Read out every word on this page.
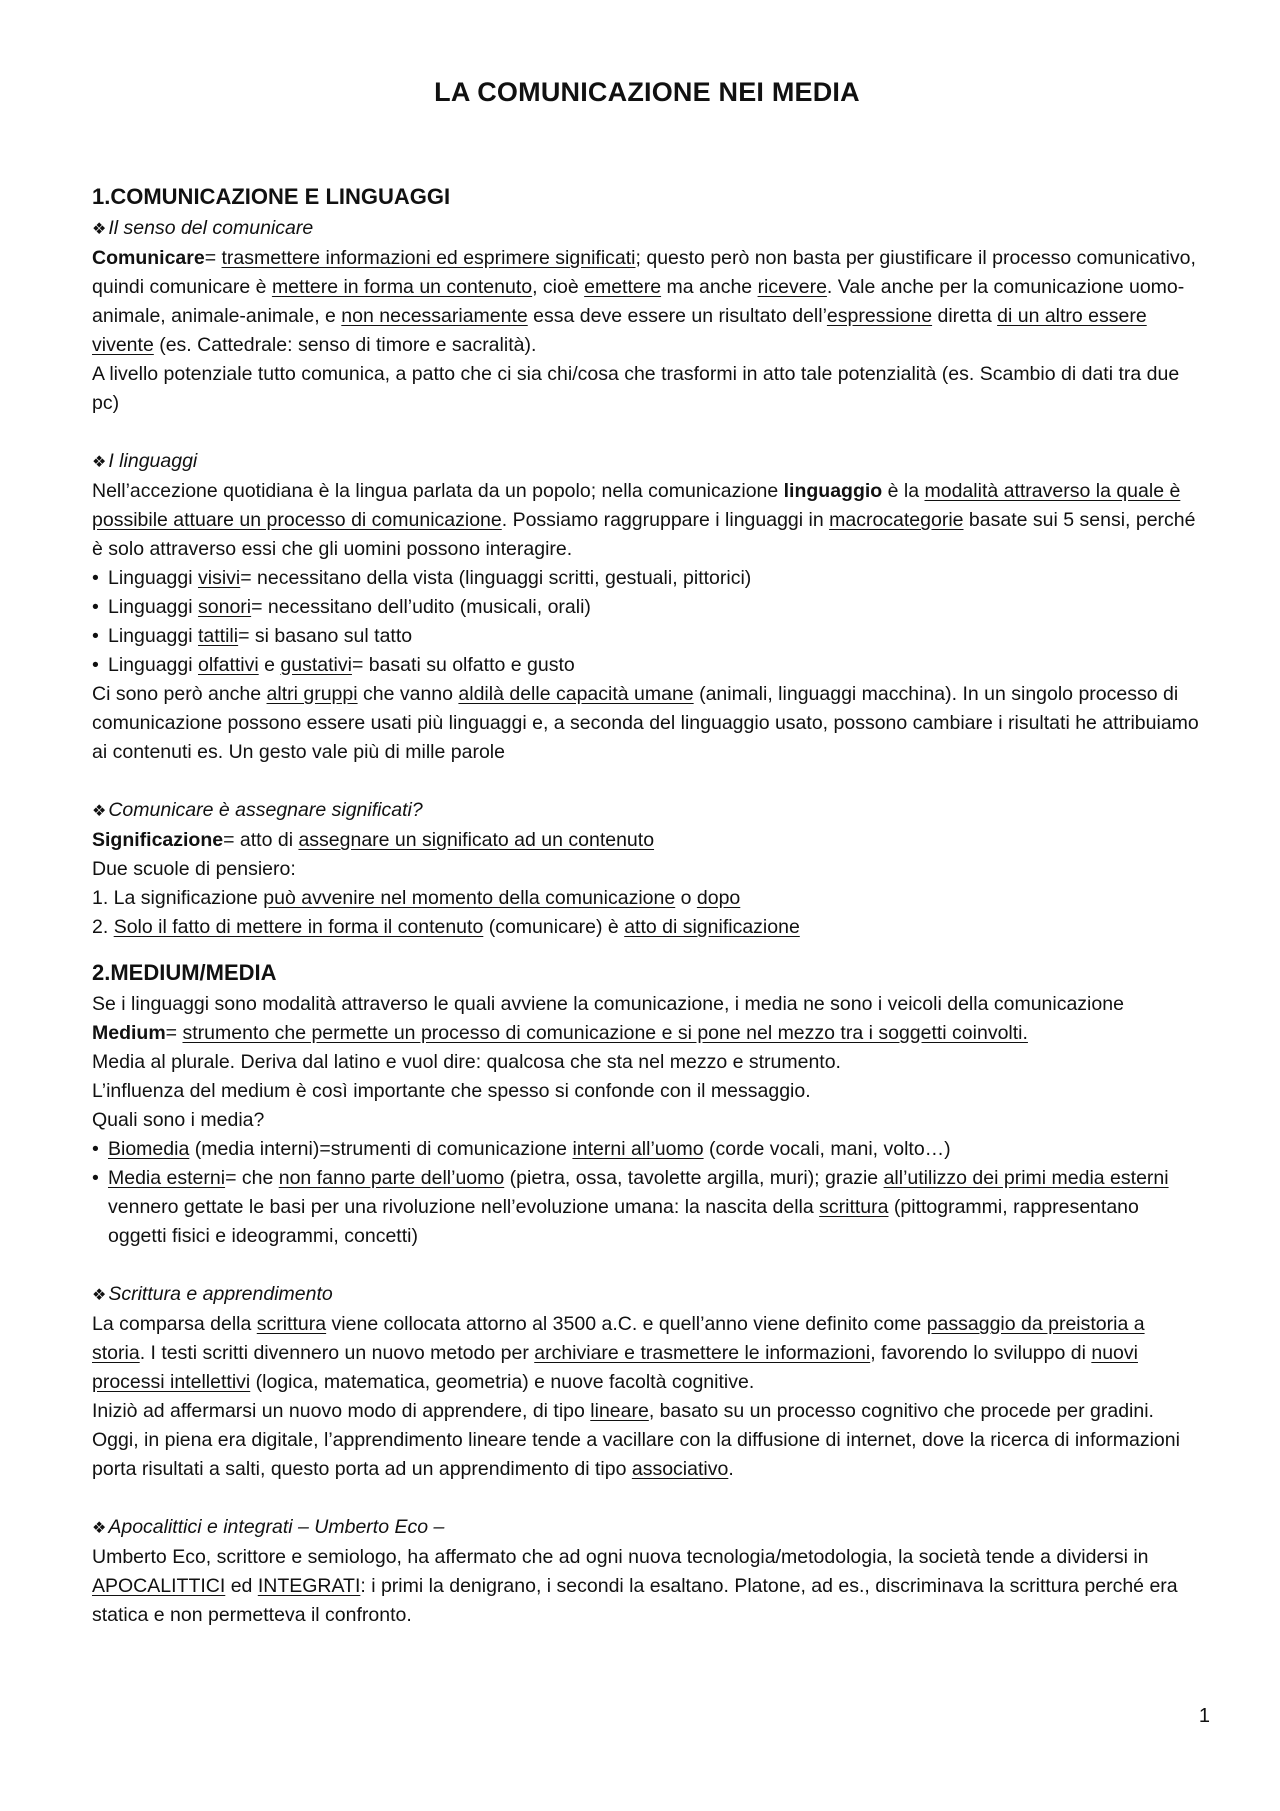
LA COMUNICAZIONE NEI MEDIA
1.COMUNICAZIONE E LINGUAGGI

❖ Il senso del comunicare

Comunicare= trasmettere informazioni ed esprimere significati; questo però non basta per giustificare il processo comunicativo, quindi comunicare è mettere in forma un contenuto, cioè emettere ma anche ricevere. Vale anche per la comunicazione uomo-animale, animale-animale, e non necessariamente essa deve essere un risultato dell’espressione diretta di un altro essere vivente (es. Cattedrale: senso di timore e sacralità).

A livello potenziale tutto comunica, a patto che ci sia chi/cosa che trasformi in atto tale potenzialità (es. Scambio di dati tra due pc)

❖ I linguaggi

Nell’accezione quotidiana è la lingua parlata da un popolo; nella comunicazione linguaggio è la modalità attraverso la quale è possibile attuare un processo di comunicazione. Possiamo raggruppare i linguaggi in macrocategorie basate sui 5 sensi, perché è solo attraverso essi che gli uomini possono interagire.

• Linguaggi visivi= necessitano della vista (linguaggi scritti, gestuali, pittorici)
• Linguaggi sonori= necessitano dell’udito (musicali, orali)
• Linguaggi tattili= si basano sul tatto
• Linguaggi olfattivi e gustativi= basati su olfatto e gusto

Ci sono però anche altri gruppi che vanno aldilà delle capacità umane (animali, linguaggi macchina). In un singolo processo di comunicazione possono essere usati più linguaggi e, a seconda del linguaggio usato, possono cambiare i risultati he attribuiamo ai contenuti es. Un gesto vale più di mille parole

❖ Comunicare è assegnare significati?

Significazione= atto di assegnare un significato ad un contenuto

Due scuole di pensiero:

1. La significazione può avvenire nel momento della comunicazione o dopo

2. Solo il fatto di mettere in forma il contenuto (comunicare) è atto di significazione

2.MEDIUM/MEDIA

Se i linguaggi sono modalità attraverso le quali avviene la comunicazione, i media ne sono i veicoli della comunicazione

Medium= strumento che permette un processo di comunicazione e si pone nel mezzo tra i soggetti coinvolti.

Media al plurale. Deriva dal latino e vuol dire: qualcosa che sta nel mezzo e strumento.

L’influenza del medium è così importante che spesso si confonde con il messaggio.

Quali sono i media?

• Biomedia (media interni)=strumenti di comunicazione interni all’uomo (corde vocali, mani, volto…)
• Media esterni= che non fanno parte dell’uomo (pietra, ossa, tavolette argilla, muri); grazie all’utilizzo dei primi media esterni vennero gettate le basi per una rivoluzione nell’evoluzione umana: la nascita della scrittura (pittogrammi, rappresentano oggetti fisici e ideogrammi, concetti)

❖ Scrittura e apprendimento

La comparsa della scrittura viene collocata attorno al 3500 a.C. e quell’anno viene definito come passaggio da preistoria a storia. I testi scritti divennero un nuovo metodo per archiviare e trasmettere le informazioni, favorendo lo sviluppo di nuovi processi intellettivi (logica, matematica, geometria) e nuove facoltà cognitive.

Iniziò ad affermarsi un nuovo modo di apprendere, di tipo lineare, basato su un processo cognitivo che procede per gradini.

Oggi, in piena era digitale, l’apprendimento lineare tende a vacillare con la diffusione di internet, dove la ricerca di informazioni porta risultati a salti, questo porta ad un apprendimento di tipo associativo.

❖ Apocalittici e integrati – Umberto Eco –

Umberto Eco, scrittore e semiologo, ha affermato che ad ogni nuova tecnologia/metodologia, la società tende a dividersi in APOCALITTICI ed INTEGRATI: i primi la denigrano, i secondi la esaltano. Platone, ad es., discriminava la scrittura perché era statica e non permetteva il confronto.

1
